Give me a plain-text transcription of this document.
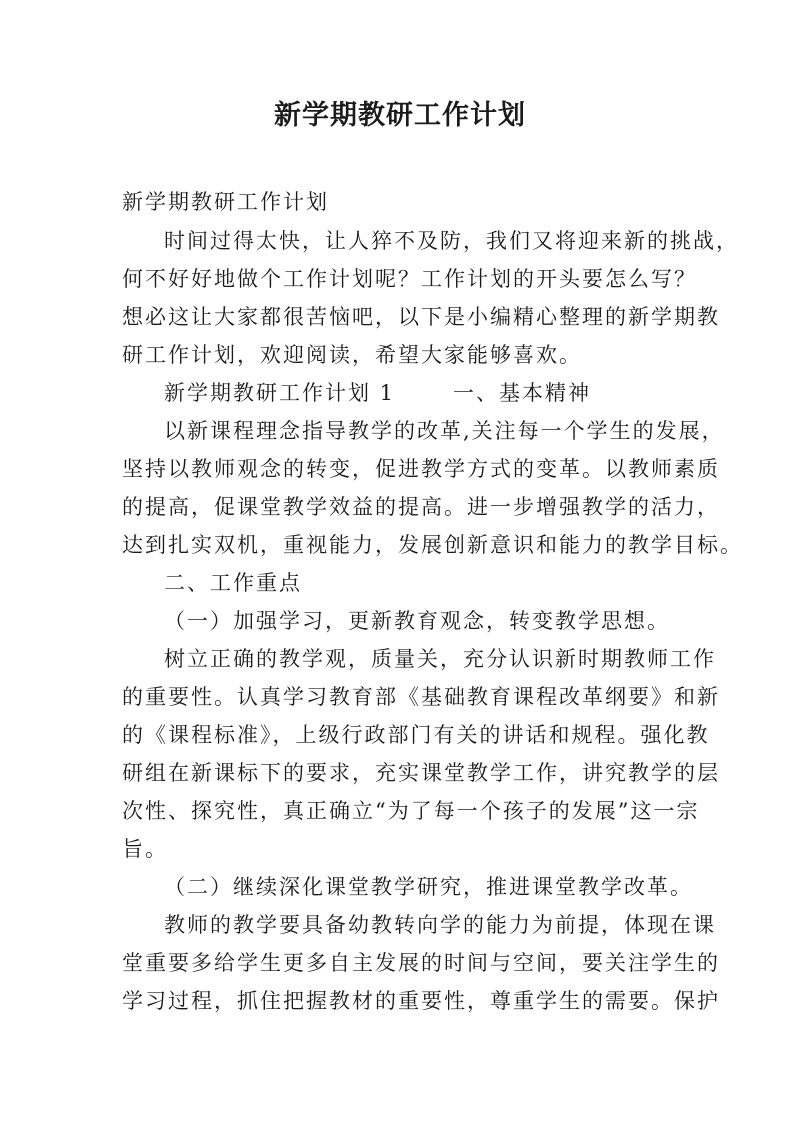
新学期教研工作计划
新学期教研工作计划
时间过得太快，让人猝不及防，我们又将迎来新的挑战，
何不好好地做个工作计划呢？工作计划的开头要怎么写？
想必这让大家都很苦恼吧，以下是小编精心整理的新学期教
研工作计划，欢迎阅读，希望大家能够喜欢。
新学期教研工作计划 1	一、基本精神
以新课程理念指导教学的改革,关注每一个学生的发展，
坚持以教师观念的转变，促进教学方式的变革。以教师素质
的提高，促课堂教学效益的提高。进一步增强教学的活力，
达到扎实双机，重视能力，发展创新意识和能力的教学目标。
二、工作重点
（一）加强学习，更新教育观念，转变教学思想。
树立正确的教学观，质量关，充分认识新时期教师工作
的重要性。认真学习教育部《基础教育课程改革纲要》和新
的《课程标准》，上级行政部门有关的讲话和规程。强化教
研组在新课标下的要求，充实课堂教学工作，讲究教学的层
次性、探究性，真正确立“为了每一个孩子的发展”这一宗
旨。
（二）继续深化课堂教学研究，推进课堂教学改革。
教师的教学要具备幼教转向学的能力为前提，体现在课
堂重要多给学生更多自主发展的时间与空间，要关注学生的
学习过程，抓住把握教材的重要性，尊重学生的需要。保护
